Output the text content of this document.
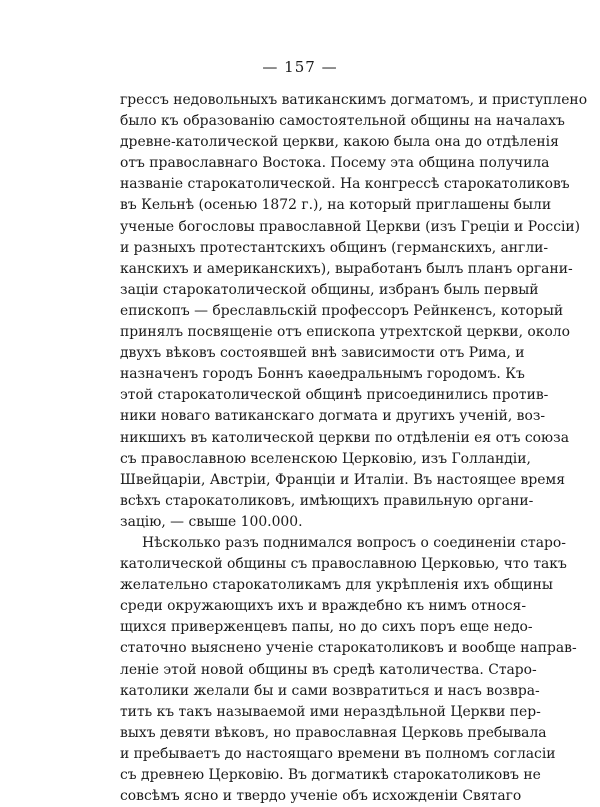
— 157 —
грессъ недовольныхъ ватиканскимъ догматомъ, и приступлено
было къ образованію самостоятельной общины на началахъ
древне-католической церкви, какою была она до отдѣленія
отъ православнаго Востока. Посему эта община получила
названіе старокатолической. На конгрессѣ старокатоликовъ
въ Кельнѣ (осенью 1872 г.), на который приглашены были
ученые богословы православной Церкви (изъ Греціи и Россіи)
и разныхъ протестантскихъ общинъ (германскихъ, англи-
канскихъ и американскихъ), выработанъ былъ планъ органи-
заціи старокатолической общины, избранъ быль первый
епископъ — бреславльскій профессоръ Рейнкенсъ, который
принялъ посвященіе отъ епископа утрехтской церкви, около
двухъ вѣковъ состоявшей внѣ зависимости отъ Рима, и
назначенъ городъ Боннъ каѳедральнымъ городомъ. Къ
этой старокатолической общинѣ присоединились против-
ники новаго ватиканскаго догмата и другихъ ученій, воз-
никшихъ въ католической церкви по отдѣленіи ея отъ союза
съ православною вселенскою Церковію, изъ Голландіи,
Швейцаріи, Австріи, Франціи и Италіи. Въ настоящее время
всѣхъ старокатоликовъ, имѣющихъ правильную органи-
зацію, — свыше 100.000.
Нѣсколько разъ поднимался вопросъ о соединеніи старо-
католической общины съ православною Церковью, что такъ
желательно старокатоликамъ для укрѣпленія ихъ общины
среди окружающихъ ихъ и враждебно къ нимъ относя-
щихся приверженцевъ папы, но до сихъ поръ еще недо-
статочно выяснено ученіе старокатоликовъ и вообще направ-
леніе этой новой общины въ средѣ католичества. Старо-
католики желали бы и сами возвратиться и насъ возвра-
тить къ такъ называемой ими нераздѣльной Церкви пер-
выхъ девяти вѣковъ, но православная Церковь пребывала
и пребываетъ до настоящаго времени въ полномъ согласіи
съ древнею Церковію. Въ догматикѣ старокатоликовъ не
совсѣмъ ясно и твердо ученіе объ исхожденіи Святаго
